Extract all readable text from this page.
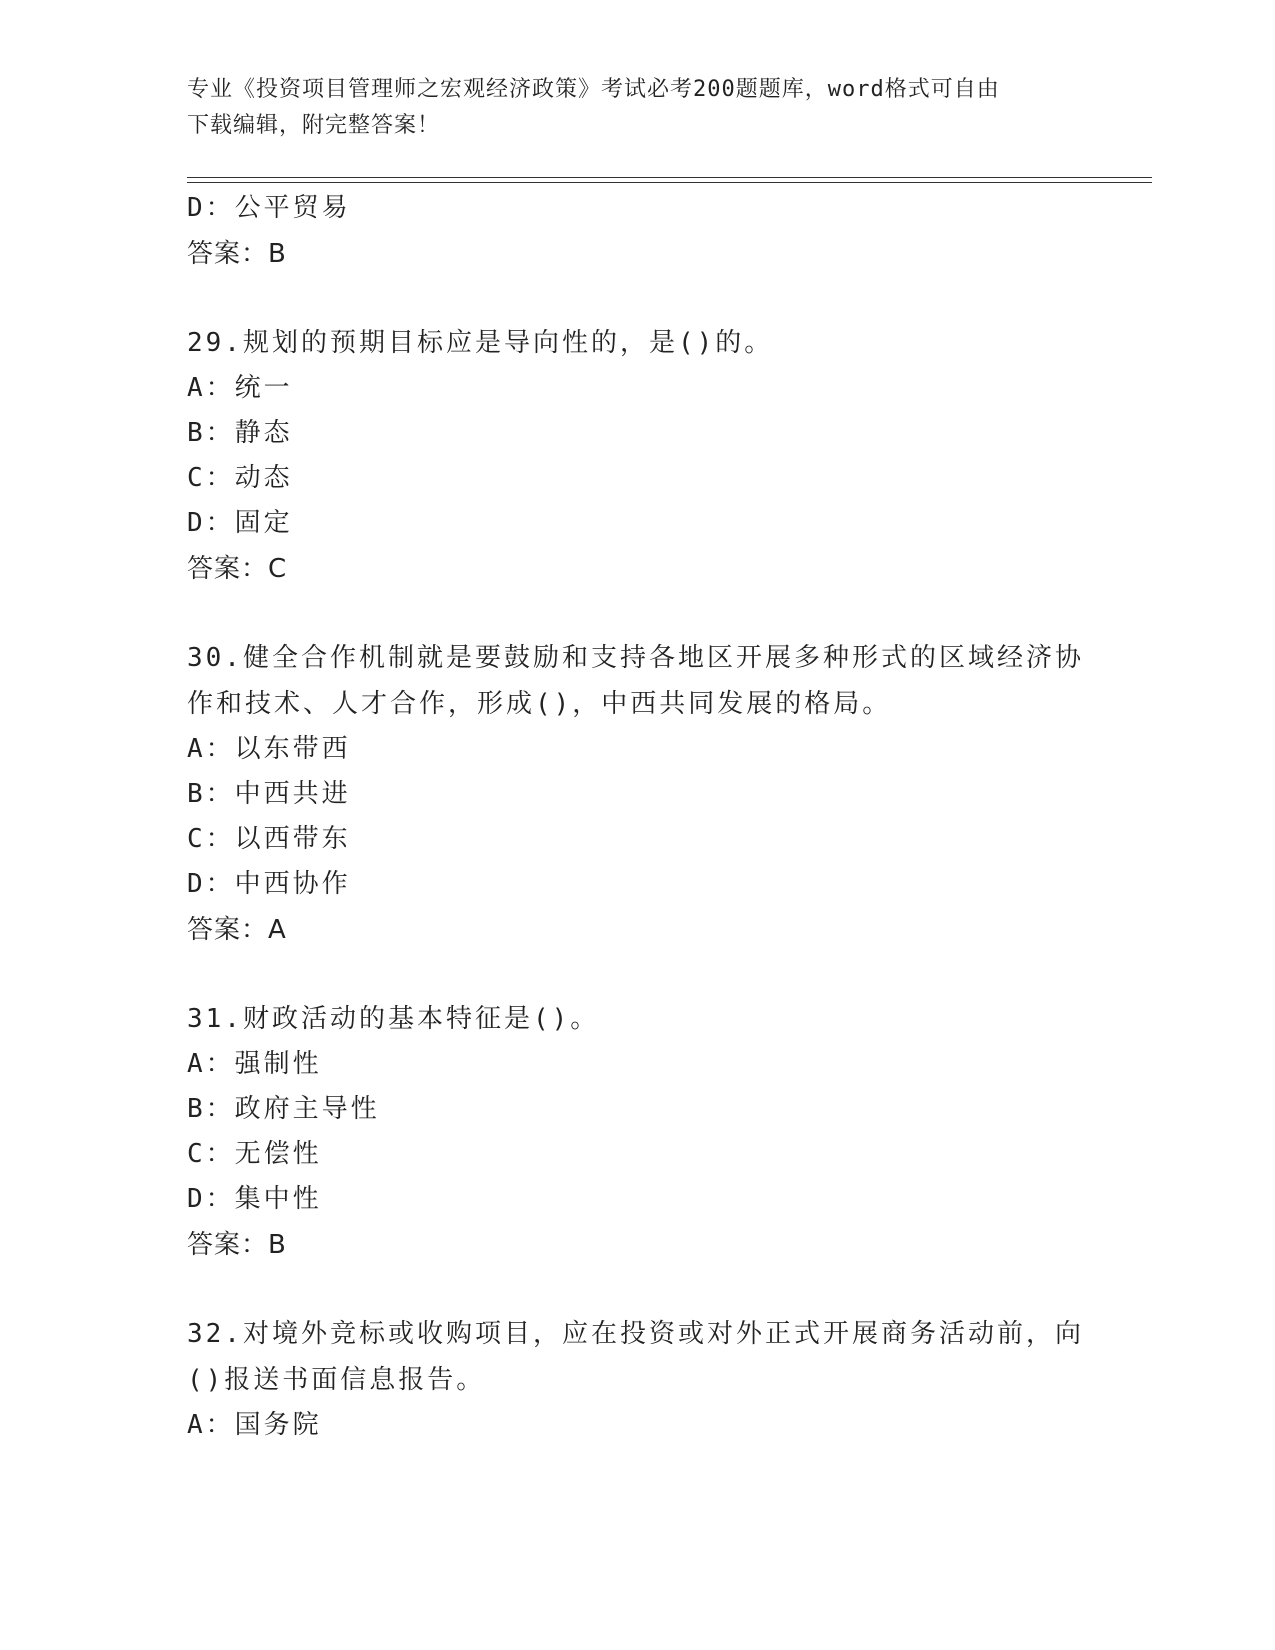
专业《投资项目管理师之宏观经济政策》考试必考200题题库，word格式可自由
下载编辑，附完整答案！
D：公平贸易
答案：B
29.规划的预期目标应是导向性的，是()的。
A：统一
B：静态
C：动态
D：固定
答案：C
30.健全合作机制就是要鼓励和支持各地区开展多种形式的区域经济协
作和技术、人才合作，形成()，中西共同发展的格局。
A：以东带西
B：中西共进
C：以西带东
D：中西协作
答案：A
31.财政活动的基本特征是()。
A：强制性
B：政府主导性
C：无偿性
D：集中性
答案：B
32.对境外竞标或收购项目，应在投资或对外正式开展商务活动前，向
()报送书面信息报告。
A：国务院
